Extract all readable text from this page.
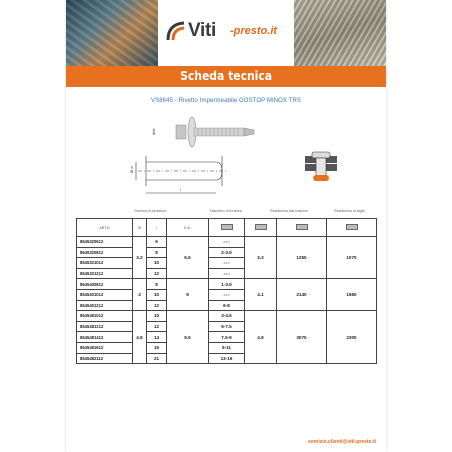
Viti -presto.it
Scheda tecnica
VS8645 - Rivetto Impermeabile GOSTOP MINOX TRS
dok
Ø d
l
Gamma di pinzatura	Diametro di foratura	Resistenza alla trazione	Resistenza al taglio
ART.N	Ø	l	D.K.				
8645320612	3.2	6	6.5	0.5-3	3.3	1250	1070
8645320812		8		2-3.5			
8645321012		10		3.5-5			
8645321212		12		4.5-9			
8645400812	4	8	8	1-3.5	4.1	2140	1560
8645401012		10		3.5-5			
8645401212		12		6-8			
8645481012	4.8	10	9.5	3-4.5	4.9	3070	2300
8645481212		12		6-7.5			
8645481412		14		7.5-9			
8645481612		16		9-11			
8645482112		21		13-16			
servizio.clienti@viti-presto.it
